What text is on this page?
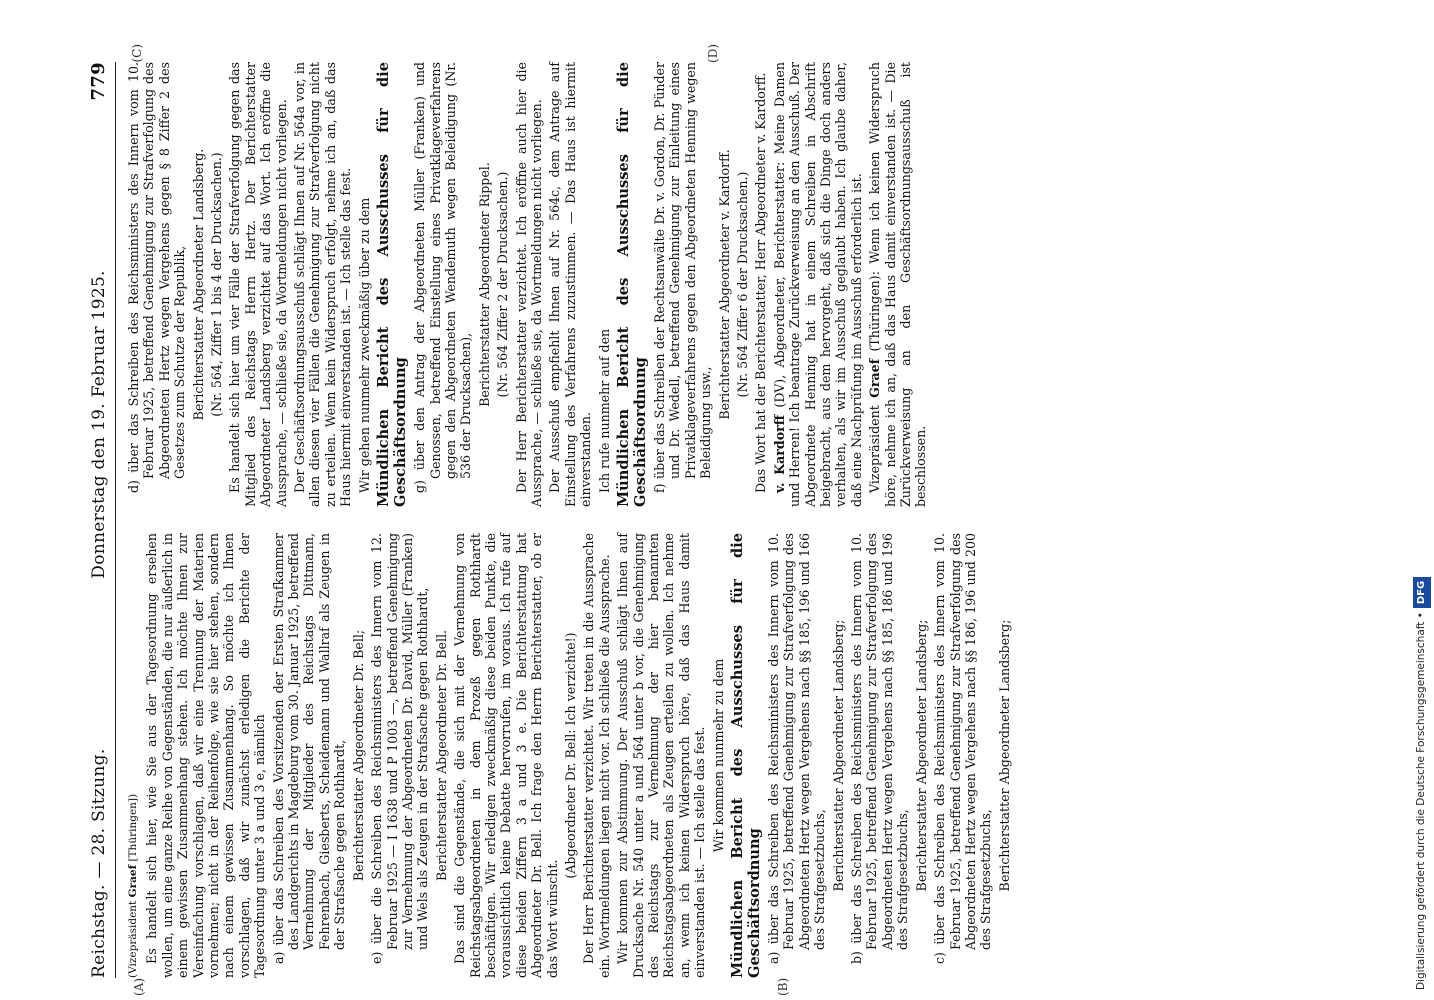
Reichstag. — 28. Sitzung.
Donnerstag den 19. Februar 1925.
779
(A)	(B)
(C)	(D)

(Vizepräsident Graef [Thüringen]) Es handelt sich hier, wie Sie aus der Tagesordnung ersehen wollen, um eine ganze Reihe von Gegenständen, die nur äußerlich in einem gewissen Zusammenhang stehen. Ich möchte Ihnen zur Vereinfachung vorschlagen, daß wir eine Trennung der Materien vornehmen; nicht in der Reihenfolge, wie sie hier stehen, sondern nach einem gewissen Zusammenhang. So möchte ich Ihnen vorschlagen, daß wir zunächst erledigen die Berichte der Tagesordnung unter 3 a und 3 e, nämlich a) über das Schreiben des Vorsitzenden der Ersten Strafkammer des Landgerichts in Magdeburg vom 30. Januar 1925, betreffend Vernehmung der Mitglieder des Reichstags Dittmann, Fehrenbach, Giesberts, Scheidemann und Wallraf als Zeugen in der Strafsache gegen Rothhardt, Berichterstatter Abgeordneter Dr. Bell; e) über die Schreiben des Reichsministers des Innern vom 12. Februar 1925 — I 1638 und P 1003 —, betreffend Genehmigung zur Vernehmung der Abgeordneten Dr. David, Müller (Franken) und Wels als Zeugen in der Strafsache gegen Rothhardt, Berichterstatter Abgeordneter Dr. Bell. Das sind die Gegenstände, die sich mit der Vernehmung von Reichstagsabgeordneten in dem Prozeß gegen Rothhardt beschäftigen. Wir erledigen zweckmäßig diese beiden Punkte, die voraussichtlich keine Debatte hervorrufen, im voraus. Ich rufe auf diese beiden Ziffern 3 a und 3 e. Die Berichterstattung hat Abgeordneter Dr. Bell. Ich frage den Herrn Berichterstatter, ob er das Wort wünscht.

(Abgeordneter Dr. Bell: Ich verzichte!) Der Herr Berichterstatter verzichtet. Wir treten in die Aussprache ein. Wortmeldungen liegen nicht vor. Ich schließe die Aussprache. Wir kommen zur Abstimmung. Der Ausschuß schlägt Ihnen auf Drucksache Nr. 540 unter a und 564 unter b vor, die Genehmigung des Reichstags zur Vernehmung der hier benannten Reichstagsabgeordneten als Zeugen erteilen zu wollen. Ich nehme an, wenn ich keinen Widerspruch höre, daß das Haus damit einverstanden ist. — Ich stelle das fest. Wir kommen nunmehr zu dem Mündlichen Bericht des Ausschusses für die Geschäftsordnung a) über das Schreiben des Reichsministers des Innern vom 10. Februar 1925, betreffend Genehmigung zur Strafverfolgung des Abgeordneten Hertz wegen Vergehens nach §§ 185, 196 und 166 des Strafgesetzbuchs, Berichterstatter Abgeordneter Landsberg; b) über das Schreiben des Reichsministers des Innern vom 10. Februar 1925, betreffend Genehmigung zur Strafverfolgung des Abgeordneten Hertz wegen Vergehens nach §§ 185, 186 und 196 des Strafgesetzbuchs, Berichterstatter Abgeordneter Landsberg; c) über das Schreiben des Reichsministers des Innern vom 10. Februar 1925, betreffend Genehmigung zur Strafverfolgung des Abgeordneten Hertz wegen Vergehens nach §§ 186, 196 und 200 des Strafgesetzbuchs, Berichterstatter Abgeordneter Landsberg;

d) über das Schreiben des Reichsministers des Innern vom 10. Februar 1925, betreffend Genehmigung zur Strafverfolgung des Abgeordneten Hertz wegen Vergehens gegen § 8 Ziffer 2 des Gesetzes zum Schutze der Republik, Berichterstatter Abgeordneter Landsberg. (Nr. 564, Ziffer 1 bis 4 der Drucksachen.) Es handelt sich hier um vier Fälle der Strafverfolgung gegen das Mitglied des Reichstags Herrn Hertz. Der Berichterstatter Abgeordneter Landsberg verzichtet auf das Wort. Ich eröffne die Aussprache, — schließe sie, da Wortmeldungen nicht vorliegen. Der Geschäftsordnungsausschuß schlägt Ihnen auf Nr. 564a vor, in allen diesen vier Fällen die Genehmigung zur Strafverfolgung nicht zu erteilen. Wenn kein Widerspruch erfolgt, nehme ich an, daß das Haus hiermit einverstanden ist. — Ich stelle das fest. Wir gehen nunmehr zweckmäßig über zu dem Mündlichen Bericht des Ausschusses für die Geschäftsordnung g) über den Antrag der Abgeordneten Müller (Franken) und Genossen, betreffend Einstellung eines Privatklageverfahrens gegen den Abgeordneten Wendemuth wegen Beleidigung (Nr. 536 der Drucksachen), Berichterstatter Abgeordneter Rippel. (Nr. 564 Ziffer 2 der Drucksachen.) Der Herr Berichterstatter verzichtet. Ich eröffne auch hier die Aussprache, — schließe sie, da Wortmeldungen nicht vorliegen. Der Ausschuß empfiehlt Ihnen auf Nr. 564c, dem Antrage auf Einstellung des Verfahrens zuzustimmen. — Das Haus ist hiermit einverstanden. Ich rufe nunmehr auf den Mündlichen Bericht des Ausschusses für die Geschäftsordnung f) über das Schreiben der Rechtsanwälte Dr. v. Gordon, Dr. Pünder und Dr. Wedell, betreffend Genehmigung zur Einleitung eines Privatklageverfahrens gegen den Abgeordneten Henning wegen Beleidigung usw.,

Berichterstatter Abgeordneter v. Kardorff. (Nr. 564 Ziffer 6 der Drucksachen.) Das Wort hat der Berichterstatter, Herr Abgeordneter v. Kardorff. v. Kardorff (DV), Abgeordneter, Berichterstatter: Meine Damen und Herren! Ich beantrage Zurückverweisung an den Ausschuß. Der Abgeordnete Henning hat in einem Schreiben in Abschrift beigebracht, aus dem hervorgeht, daß sich die Dinge doch anders verhalten, als wir im Ausschuß geglaubt haben. Ich glaube daher, daß eine Nachprüfung im Ausschuß erforderlich ist. Vizepräsident Graef (Thüringen): Wenn ich keinen Widerspruch höre, nehme ich an, daß das Haus damit einverstanden ist. — Die Zurückverweisung an den Geschäftsordnungsausschuß ist beschlossen.

Digitalisierung gefördert durch die Deutsche Forschungsgemeinschaft •DFG
